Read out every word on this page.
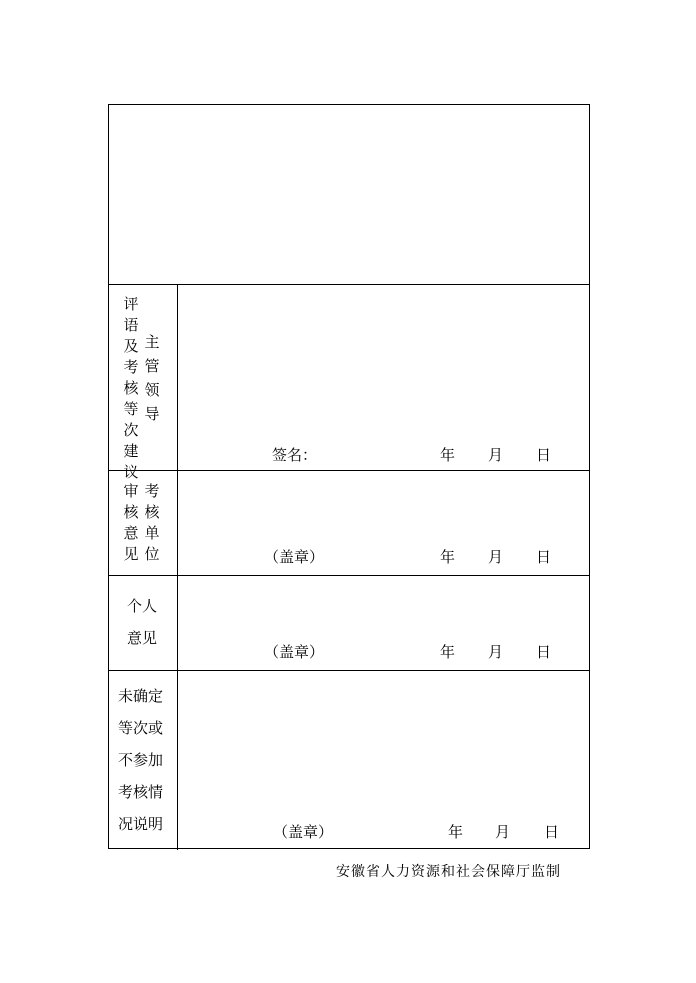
评
语
及
考
核
等
次
建
议
主
管
领
导
签名：	年 月 日
审
核
意
见
考
核
单
位	（盖章）	年 月 日
个人
意见
（盖章）	年 月 日
未确定
等次或
不参加
考核情
况说明	（盖章）	年 月 日
安徽省人力资源和社会保障厅监制
